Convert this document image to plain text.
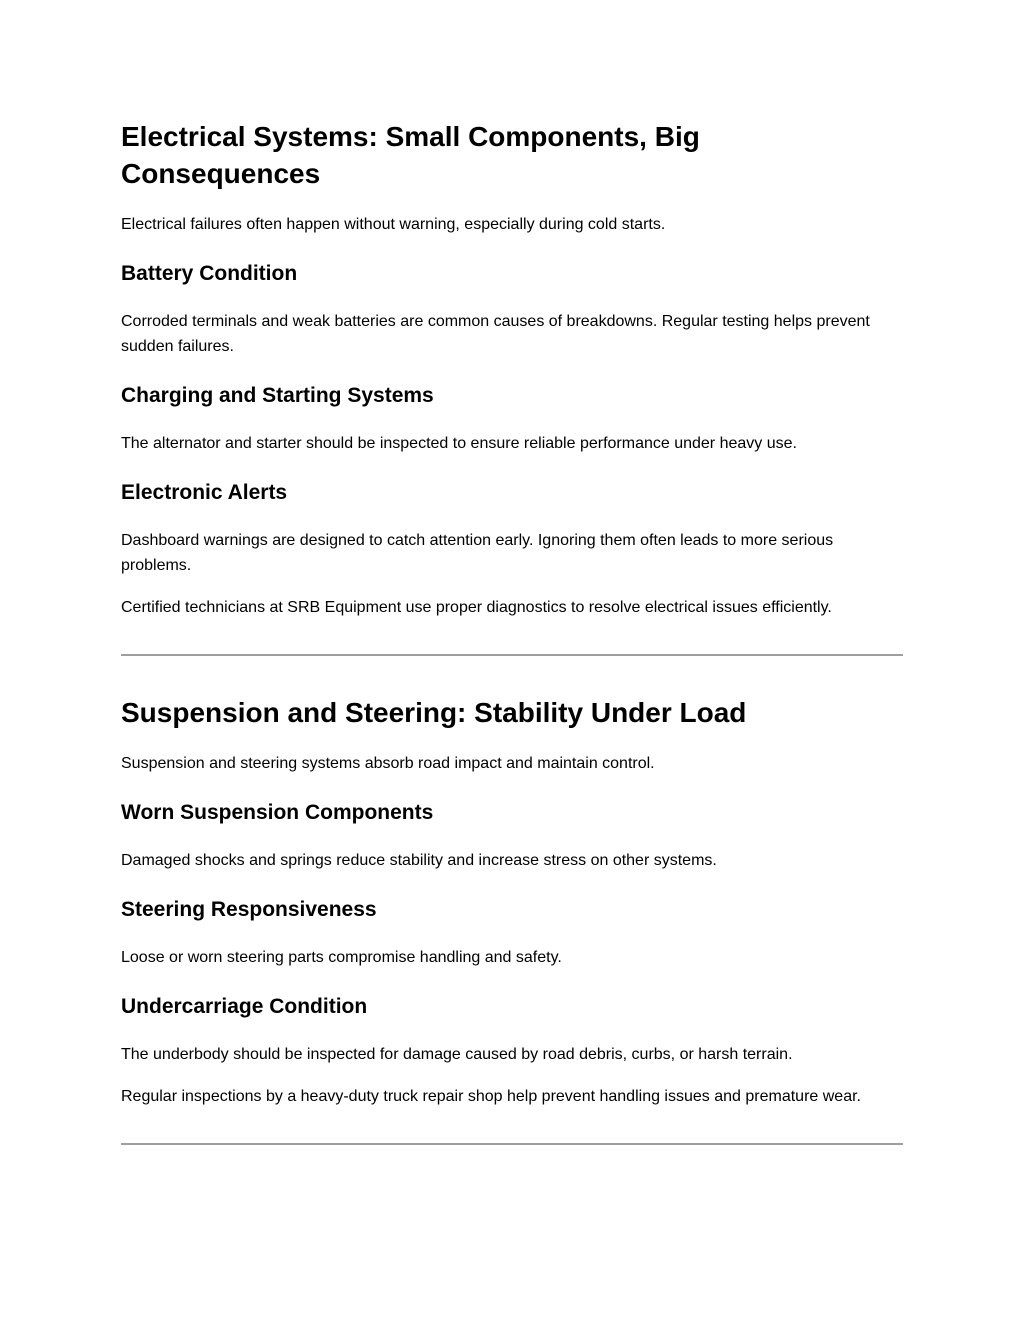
Electrical Systems: Small Components, Big Consequences

Electrical failures often happen without warning, especially during cold starts.

Battery Condition

Corroded terminals and weak batteries are common causes of breakdowns. Regular testing helps prevent sudden failures.

Charging and Starting Systems

The alternator and starter should be inspected to ensure reliable performance under heavy use.

Electronic Alerts

Dashboard warnings are designed to catch attention early. Ignoring them often leads to more serious problems.

Certified technicians at SRB Equipment use proper diagnostics to resolve electrical issues efficiently.

Suspension and Steering: Stability Under Load

Suspension and steering systems absorb road impact and maintain control.

Worn Suspension Components

Damaged shocks and springs reduce stability and increase stress on other systems.

Steering Responsiveness

Loose or worn steering parts compromise handling and safety.

Undercarriage Condition

The underbody should be inspected for damage caused by road debris, curbs, or harsh terrain.

Regular inspections by a heavy-duty truck repair shop help prevent handling issues and premature wear.
